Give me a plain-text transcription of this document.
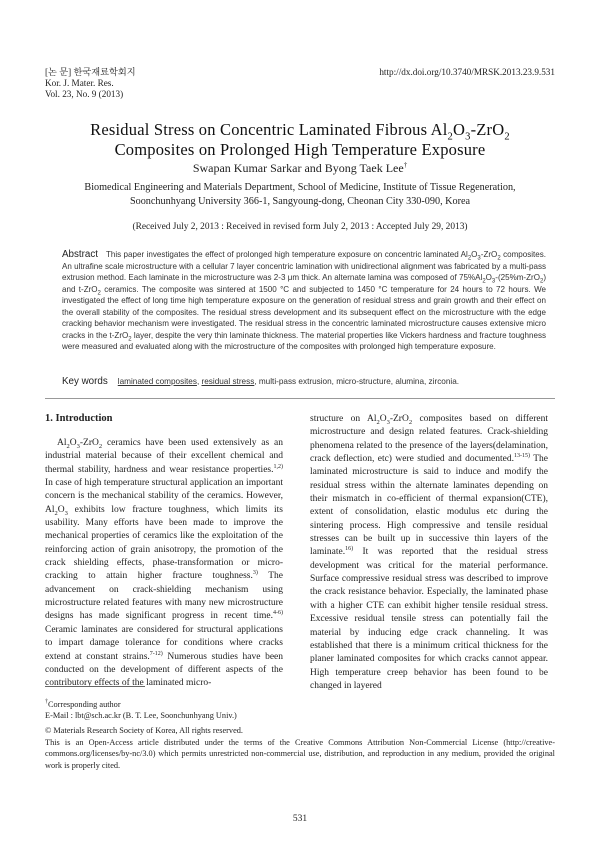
[논 문] 한국재료학회지
Kor. J. Mater. Res.
Vol. 23, No. 9 (2013)
http://dx.doi.org/10.3740/MRSK.2013.23.9.531
Residual Stress on Concentric Laminated Fibrous $Al_2O_3-ZrO_2$
Composites on Prolonged High Temperature Exposure
Swapan Kumar Sarkar and Byong Taek Lee†
Biomedical Engineering and Materials Department, School of Medicine, Institute of Tissue Regeneration,
Soonchunhyang University 366-1, Sangyoung-dong, Cheonan City 330-090, Korea
(Received July 2, 2013 : Received in revised form July 2, 2013 : Accepted July 29, 2013)
Abstract This paper investigates the effect of prolonged high temperature exposure on concentric laminated $Al_2O_3-ZrO_2$ composites. An ultrafine scale microstructure with a cellular 7 layer concentric lamination with unidirectional alignment was fabricated by a multi-pass extrusion method. Each laminate in the microstructure was 2-3 μm thick. An alternate lamina was composed of $75\%Al_2O_3-(25\%m-ZrO_2)$ and t-ZrO$_2$ ceramics. The composite was sintered at 1500 °C and subjected to 1450 °C temperature for 24 hours to 72 hours. We investigated the effect of long time high temperature exposure on the generation of residual stress and grain growth and their effect on the overall stability of the composites. The residual stress development and its subsequent effect on the microstructure with the edge cracking behavior mechanism were investigated. The residual stress in the concentric laminated microstructure causes extensive micro cracks in the t-ZrO$_2$ layer, despite the very thin laminate thickness. The material properties like Vickers hardness and fracture toughness were measured and evaluated along with the microstructure of the composites with prolonged high temperature exposure.
Key words laminated composites, residual stress, multi-pass extrusion, micro-structure, alumina, zirconia.
1. Introduction
$Al_2O_3-ZrO_2$ ceramics have been used extensively as an industrial material because of their excellent chemical and thermal stability, hardness and wear resistance properties.$^{1,2)}$ In case of high temperature structural application an important concern is the mechanical stability of the ceramics. However, $Al_2O_3$ exhibits low fracture toughness, which limits its usability. Many efforts have been made to improve the mechanical properties of ceramics like the exploitation of the reinforcing action of grain anisotropy, the promotion of the crack shielding effects, phase-transformation or micro-cracking to attain higher fracture toughness.$^{3)}$ The advancement on crack-shielding mechanism using microstructure related features with many new microstructure designs has made significant progress in recent time.$^{4-6)}$ Ceramic laminates are considered for structural applications to impart damage tolerance for conditions where cracks extend at constant strains.$^{7-12)}$ Numerous studies have been conducted on the development of different aspects of the contributory effects of the laminated micro-
structure on $Al_2O_3-ZrO_2$ composites based on different microstructure and design related features. Crack-shielding phenomena related to the presence of the layers(delamination, crack deflection, etc) were studied and documented.$^{13-15)}$ The laminated microstructure is said to induce and modify the residual stress within the alternate laminates depending on their mismatch in co-efficient of thermal expansion(CTE), extent of consolidation, elastic modulus etc during the sintering process. High compressive and tensile residual stresses can be built up in successive thin layers of the laminate.$^{16)}$ It was reported that the residual stress development was critical for the material performance. Surface compressive residual stress was described to improve the crack resistance behavior. Especially, the laminated phase with a higher CTE can exhibit higher tensile residual stress. Excessive residual tensile stress can potentially fail the material by inducing edge crack channeling. It was established that there is a minimum critical thickness for the planer laminated composites for which cracks cannot appear. High temperature creep behavior has been found to be changed in layered
†Corresponding author
E-Mail : lbt@sch.ac.kr (B. T. Lee, Soonchunhyang Univ.)
© Materials Research Society of Korea, All rights reserved.
This is an Open-Access article distributed under the terms of the Creative Commons Attribution Non-Commercial License (http://creative-commons.org/licenses/by-nc/3.0) which permits unrestricted non-commercial use, distribution, and reproduction in any medium, provided the original work is properly cited.
531
